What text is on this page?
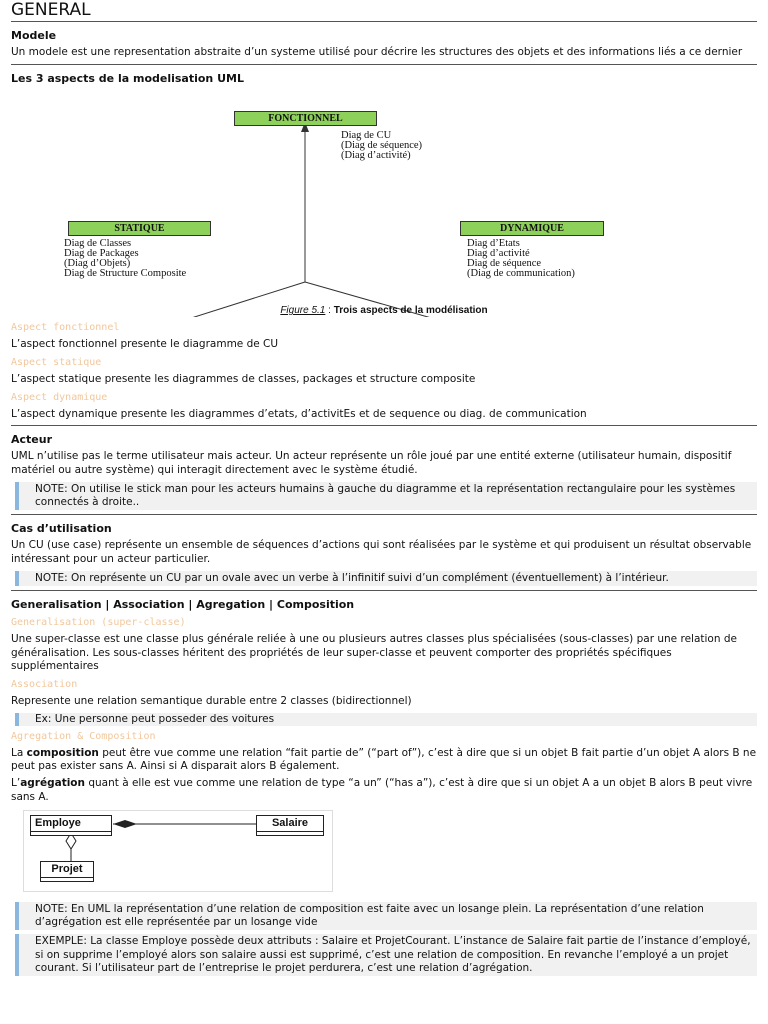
GENERAL
Modele

Un modele est une representation abstraite d’un systeme utilisé pour décrire les structures des objets et des informations liés a ce dernier

Les 3 aspects de la modelisation UML
FONCTIONNEL
STATIQUE	DYNAMIQUE
Diag de CU
(Diag de séquence)
(Diag d’activité)
Diag de Classes
Diag de Packages
(Diag d’Objets)
Diag de Structure Composite
Diag d’Etats
Diag d’activité
Diag de séquence
(Diag de communication)
Figure 5.1 : Trois aspects de la modélisation
Aspect fonctionnel

L’aspect fonctionnel presente le diagramme de CU

Aspect statique

L’aspect statique presente les diagrammes de classes, packages et structure composite

Aspect dynamique

L’aspect dynamique presente les diagrammes d’etats, d’activitEs et de sequence ou diag. de communication

Acteur

UML n’utilise pas le terme utilisateur mais acteur. Un acteur représente un rôle joué par une entité externe (utilisateur humain, dispositif matériel ou autre système) qui interagit directement avec le système étudié.

NOTE: On utilise le stick man pour les acteurs humains à gauche du diagramme et la représentation rectangulaire pour les systèmes connectés à droite..
Cas d’utilisation

Un CU (use case) représente un ensemble de séquences d’actions qui sont réalisées par le système et qui produisent un résultat observable intéressant pour un acteur particulier.

NOTE: On représente un CU par un ovale avec un verbe à l’infinitif suivi d’un complément (éventuellement) à l’intérieur.
Generalisation | Association | Agregation | Composition
Generalisation (super-classe)

Une super-classe est une classe plus générale reliée à une ou plusieurs autres classes plus spécialisées (sous-classes) par une relation de généralisation. Les sous-classes héritent des propriétés de leur super-classe et peuvent comporter des propriétés spécifiques supplémentaires

Association

Represente une relation semantique durable entre 2 classes (bidirectionnel)

Ex: Une personne peut posseder des voitures
Agregation & Composition

La composition peut être vue comme une relation “fait partie de” (“part of”), c’est à dire que si un objet B fait partie d’un objet A alors B ne peut pas exister sans A. Ainsi si A disparait alors B également.

L’agrégation quant à elle est vue comme une relation de type “a un” (“has a”), c’est à dire que si un objet A a un objet B alors B peut vivre sans A.

Employe	Salaire
Projet
NOTE: En UML la représentation d’une relation de composition est faite avec un losange plein. La représentation d’une relation d’agrégation est elle représentée par un losange vide
EXEMPLE: La classe Employe possède deux attributs : Salaire et ProjetCourant. L’instance de Salaire fait partie de l’instance d’employé, si on supprime l’employé alors son salaire aussi est supprimé, c’est une relation de composition. En revanche l’employé a un projet courant. Si l’utilisateur part de l’entreprise le projet perdurera, c’est une relation d’agrégation.
